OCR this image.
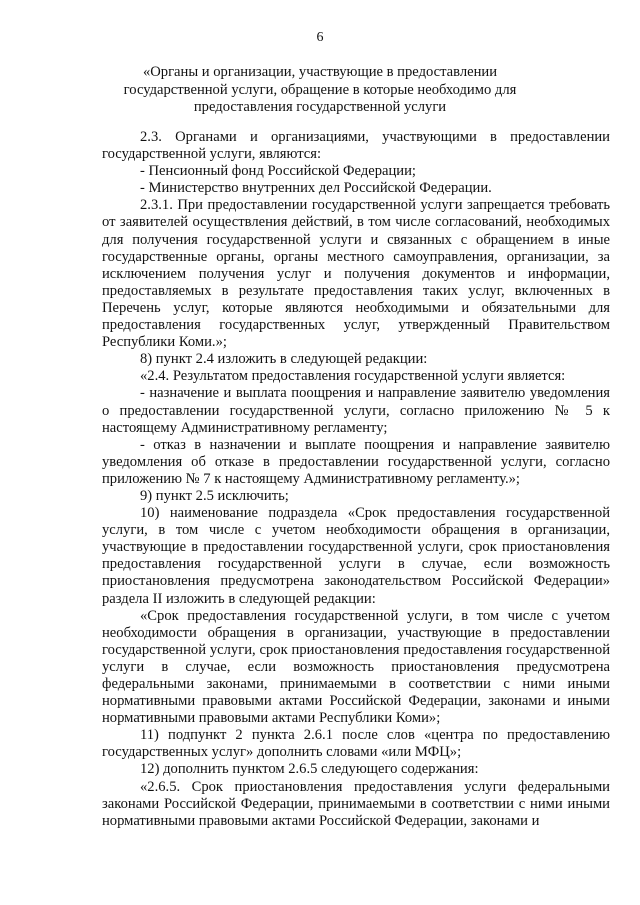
6
«Органы и организации, участвующие в предоставлении государственной услуги, обращение в которые необходимо для предоставления государственной услуги

2.3. Органами и организациями, участвующими в предоставлении государственной услуги, являются:

- Пенсионный фонд Российской Федерации;

- Министерство внутренних дел Российской Федерации.

2.3.1. При предоставлении государственной услуги запрещается требовать от заявителей осуществления действий, в том числе согласований, необходимых для получения государственной услуги и связанных с обращением в иные государственные органы, органы местного самоуправления, организации, за исключением получения услуг и получения документов и информации, предоставляемых в результате предоставления таких услуг, включенных в Перечень услуг, которые являются необходимыми и обязательными для предоставления государственных услуг, утвержденный Правительством Республики Коми.»;

8) пункт 2.4 изложить в следующей редакции:

«2.4. Результатом предоставления государственной услуги является:

- назначение и выплата поощрения и направление заявителю уведомления о предоставлении государственной услуги, согласно приложению № 5 к настоящему Административному регламенту;

- отказ в назначении и выплате поощрения и направление заявителю уведомления об отказе в предоставлении государственной услуги, согласно приложению № 7 к настоящему Административному регламенту.»;

9) пункт 2.5 исключить;

10) наименование подраздела «Срок предоставления государственной услуги, в том числе с учетом необходимости обращения в организации, участвующие в предоставлении государственной услуги, срок приостановления предоставления государственной услуги в случае, если возможность приостановления предусмотрена законодательством Российской Федерации» раздела II изложить в следующей редакции:

«Срок предоставления государственной услуги, в том числе с учетом необходимости обращения в организации, участвующие в предоставлении государственной услуги, срок приостановления предоставления государственной услуги в случае, если возможность приостановления предусмотрена федеральными законами, принимаемыми в соответствии с ними иными нормативными правовыми актами Российской Федерации, законами и иными нормативными правовыми актами Республики Коми»;

11) подпункт 2 пункта 2.6.1 после слов «центра по предоставлению государственных услуг» дополнить словами «или МФЦ»;

12) дополнить пунктом 2.6.5 следующего содержания:

«2.6.5. Срок приостановления предоставления услуги федеральными законами Российской Федерации, принимаемыми в соответствии с ними иными нормативными правовыми актами Российской Федерации, законами и
